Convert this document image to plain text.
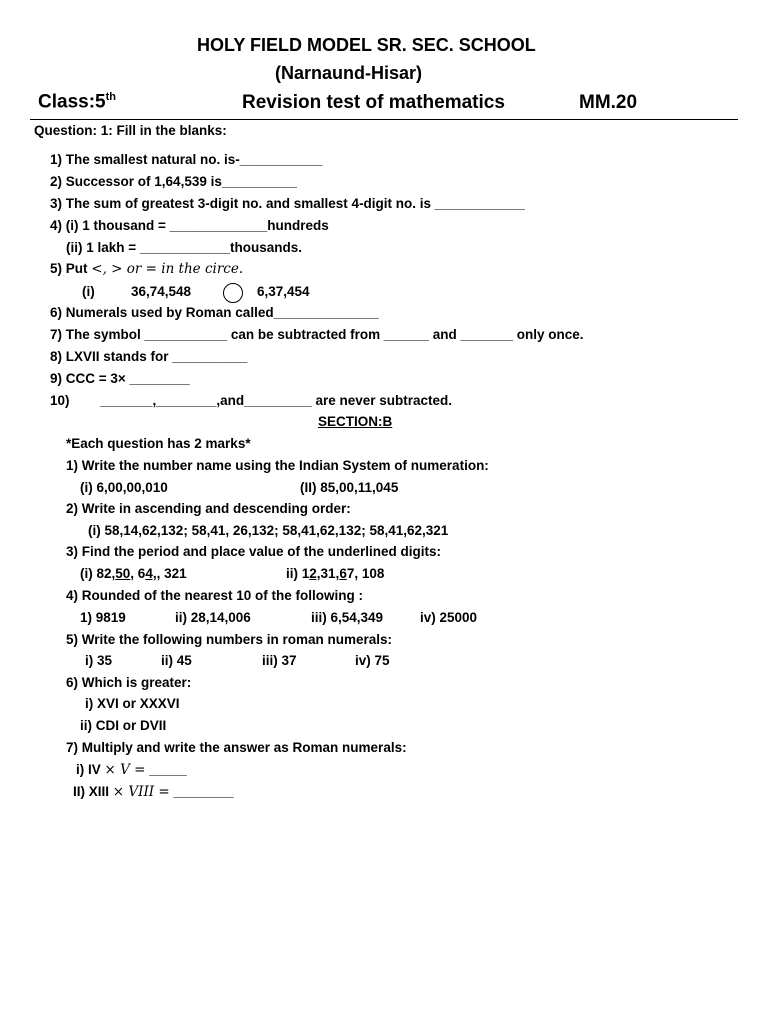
HOLY FIELD MODEL SR. SEC. SCHOOL
(Narnaund-Hisar)
Class:5th	Revision test of mathematics	MM.20
Question: 1: Fill in the blanks:
1) The smallest natural no. is-___________
2) Successor of 1,64,539 is__________
3) The sum of greatest 3-digit no. and smallest 4-digit no. is ____________
4) (i) 1 thousand = _____________hundreds
(ii) 1 lakh = ____________thousands.
5) Put <, > or = in the circe.
(i)	36,74,548	6,37,454
6) Numerals used by Roman called______________
7) The symbol ___________ can be subtracted from ______ and _______ only once.
8) LXVII stands for __________
9) CCC = 3× ________
10) _______,________,and_________ are never subtracted.
SECTION:B
*Each question has 2 marks*
1) Write the number name using the Indian System of numeration:
(i) 6,00,00,010	(II) 85,00,11,045
2) Write in ascending and descending order:
(i) 58,14,62,132; 58,41, 26,132; 58,41,62,132; 58,41,62,321
3) Find the period and place value of the underlined digits:
(i) 82,50, 64,, 321	ii) 12,31,67, 108
4) Rounded of the nearest 10 of the following :
1) 9819	ii) 28,14,006	iii) 6,54,349	iv) 25000
5) Write the following numbers in roman numerals:
i) 35	ii) 45	iii) 37	iv) 75
6) Which is greater:
i) XVI or XXXVI
ii) CDI or DVII
7) Multiply and write the answer as Roman numerals:
i) IV × V = _____
II) XIII × VIII = ________
